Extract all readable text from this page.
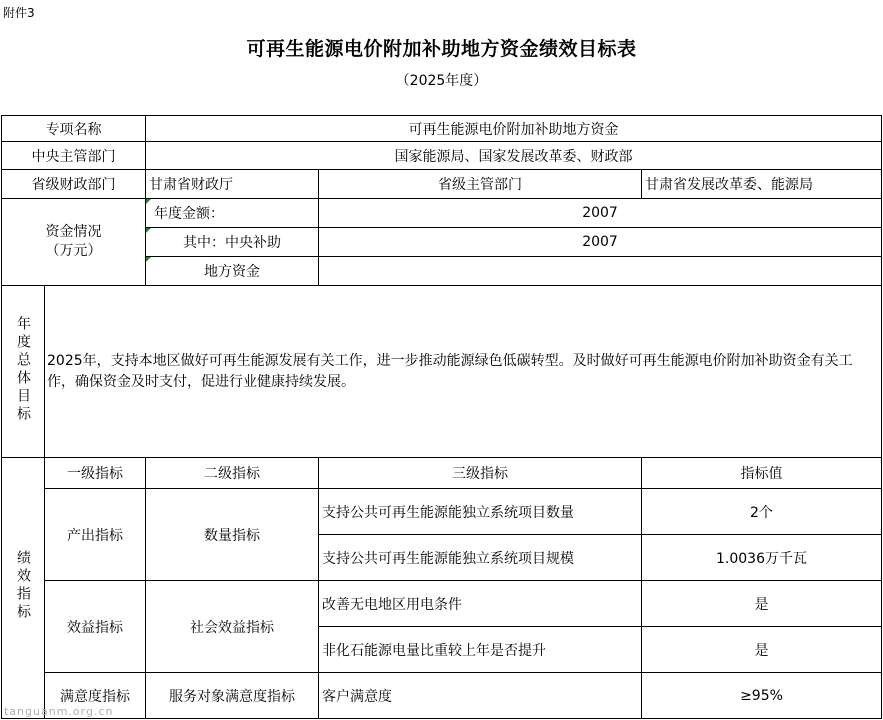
附件3
可再生能源电价附加补助地方资金绩效目标表
（2025年度）
专项名称		可再生能源电价附加补助地方资金		
中央主管部门		国家能源局、国家发展改革委、财政部		
省级财政部门		甘肃省财政厅	省级主管部门	甘肃省发展改革委、能源局
资金情况
（万元）		年度金额：	2007	
		其中：中央补助	2007	
		地方资金		
年度总体目标	2025年，支持本地区做好可再生能源发展有关工作，进一步推动能源绿色低碳转型。及时做好可再生能源电价附加补助资金有关工作，确保资金及时支付，促进行业健康持续发展。			
绩效指标	一级指标	二级指标	三级指标	指标值
	产出指标	数量指标	支持公共可再生能源能独立系统项目数量	2个
			支持公共可再生能源能独立系统项目规模	1.0036万千瓦
	效益指标	社会效益指标	改善无电地区用电条件	是
			非化石能源电量比重较上年是否提升	是
	满意度指标	服务对象满意度指标	客户满意度	≥95%
tanguanm.org.cn
